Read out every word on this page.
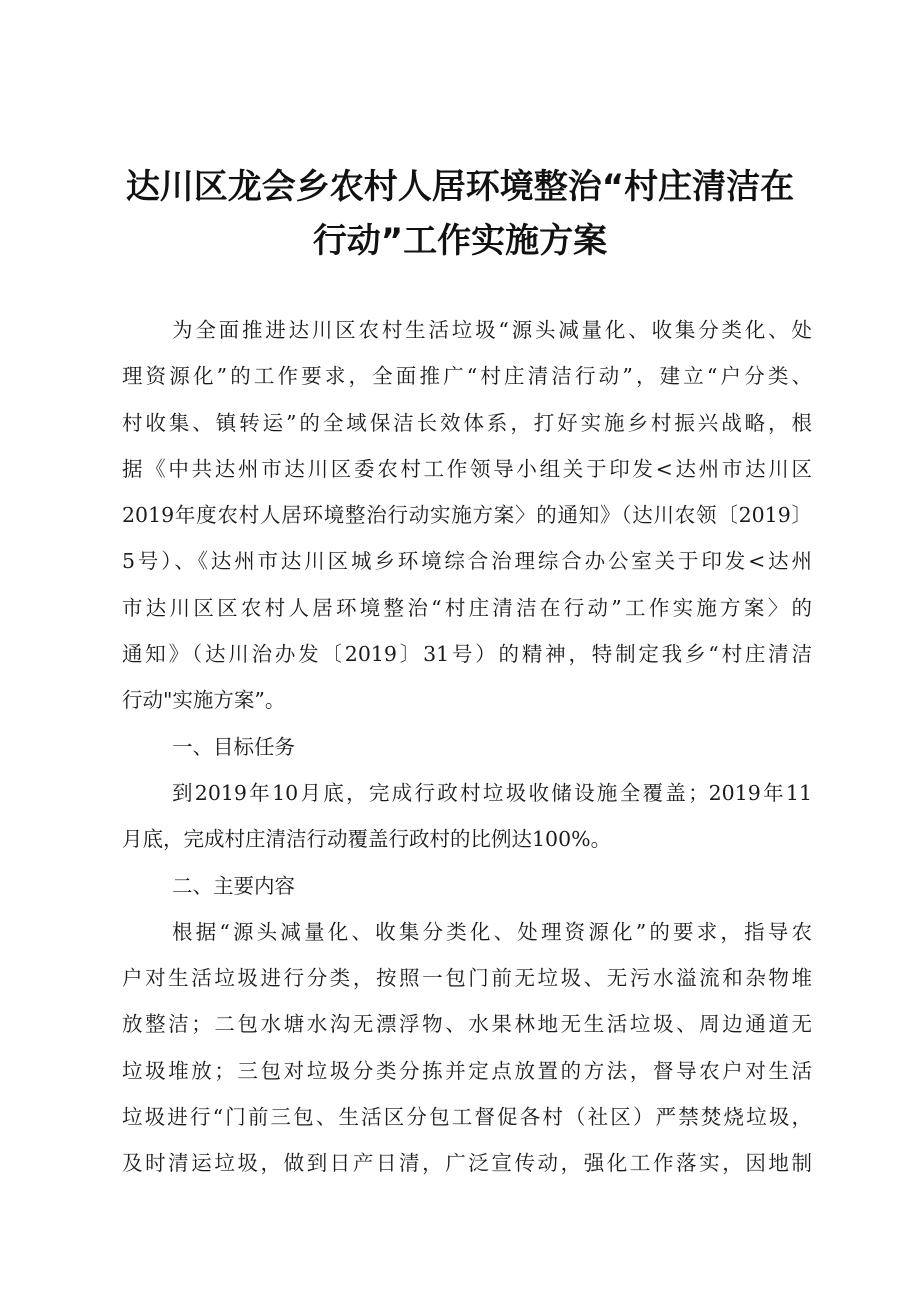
达川区龙会乡农村人居环境整治“村庄清洁在
行动”工作实施方案
为全面推进达川区农村生活垃圾“源头减量化、收集分类化、处
理资源化”的工作要求，全面推广“村庄清洁行动”，建立“户分类、
村收集、镇转运”的全域保洁长效体系，打好实施乡村振兴战略，根
据《中共达州市达川区委农村工作领导小组关于印发<达州市达川区
2019年度农村人居环境整治行动实施方案〉的通知》（达川农领〔2019〕
5号）、《达州市达川区城乡环境综合治理综合办公室关于印发<达州
市达川区区农村人居环境整治“村庄清洁在行动”工作实施方案〉的
通知》（达川治办发〔2019〕31号）的精神，特制定我乡“村庄清洁
行动"实施方案”。
一、目标任务
到2019年10月底，完成行政村垃圾收储设施全覆盖；2019年11
月底，完成村庄清洁行动覆盖行政村的比例达100%。
二、主要内容
根据“源头减量化、收集分类化、处理资源化”的要求，指导农
户对生活垃圾进行分类，按照一包门前无垃圾、无污水溢流和杂物堆
放整洁；二包水塘水沟无漂浮物、水果林地无生活垃圾、周边通道无
垃圾堆放；三包对垃圾分类分拣并定点放置的方法，督导农户对生活
垃圾进行“门前三包、生活区分包工督促各村（社区）严禁焚烧垃圾，
及时清运垃圾，做到日产日清，广泛宣传动，强化工作落实，因地制
